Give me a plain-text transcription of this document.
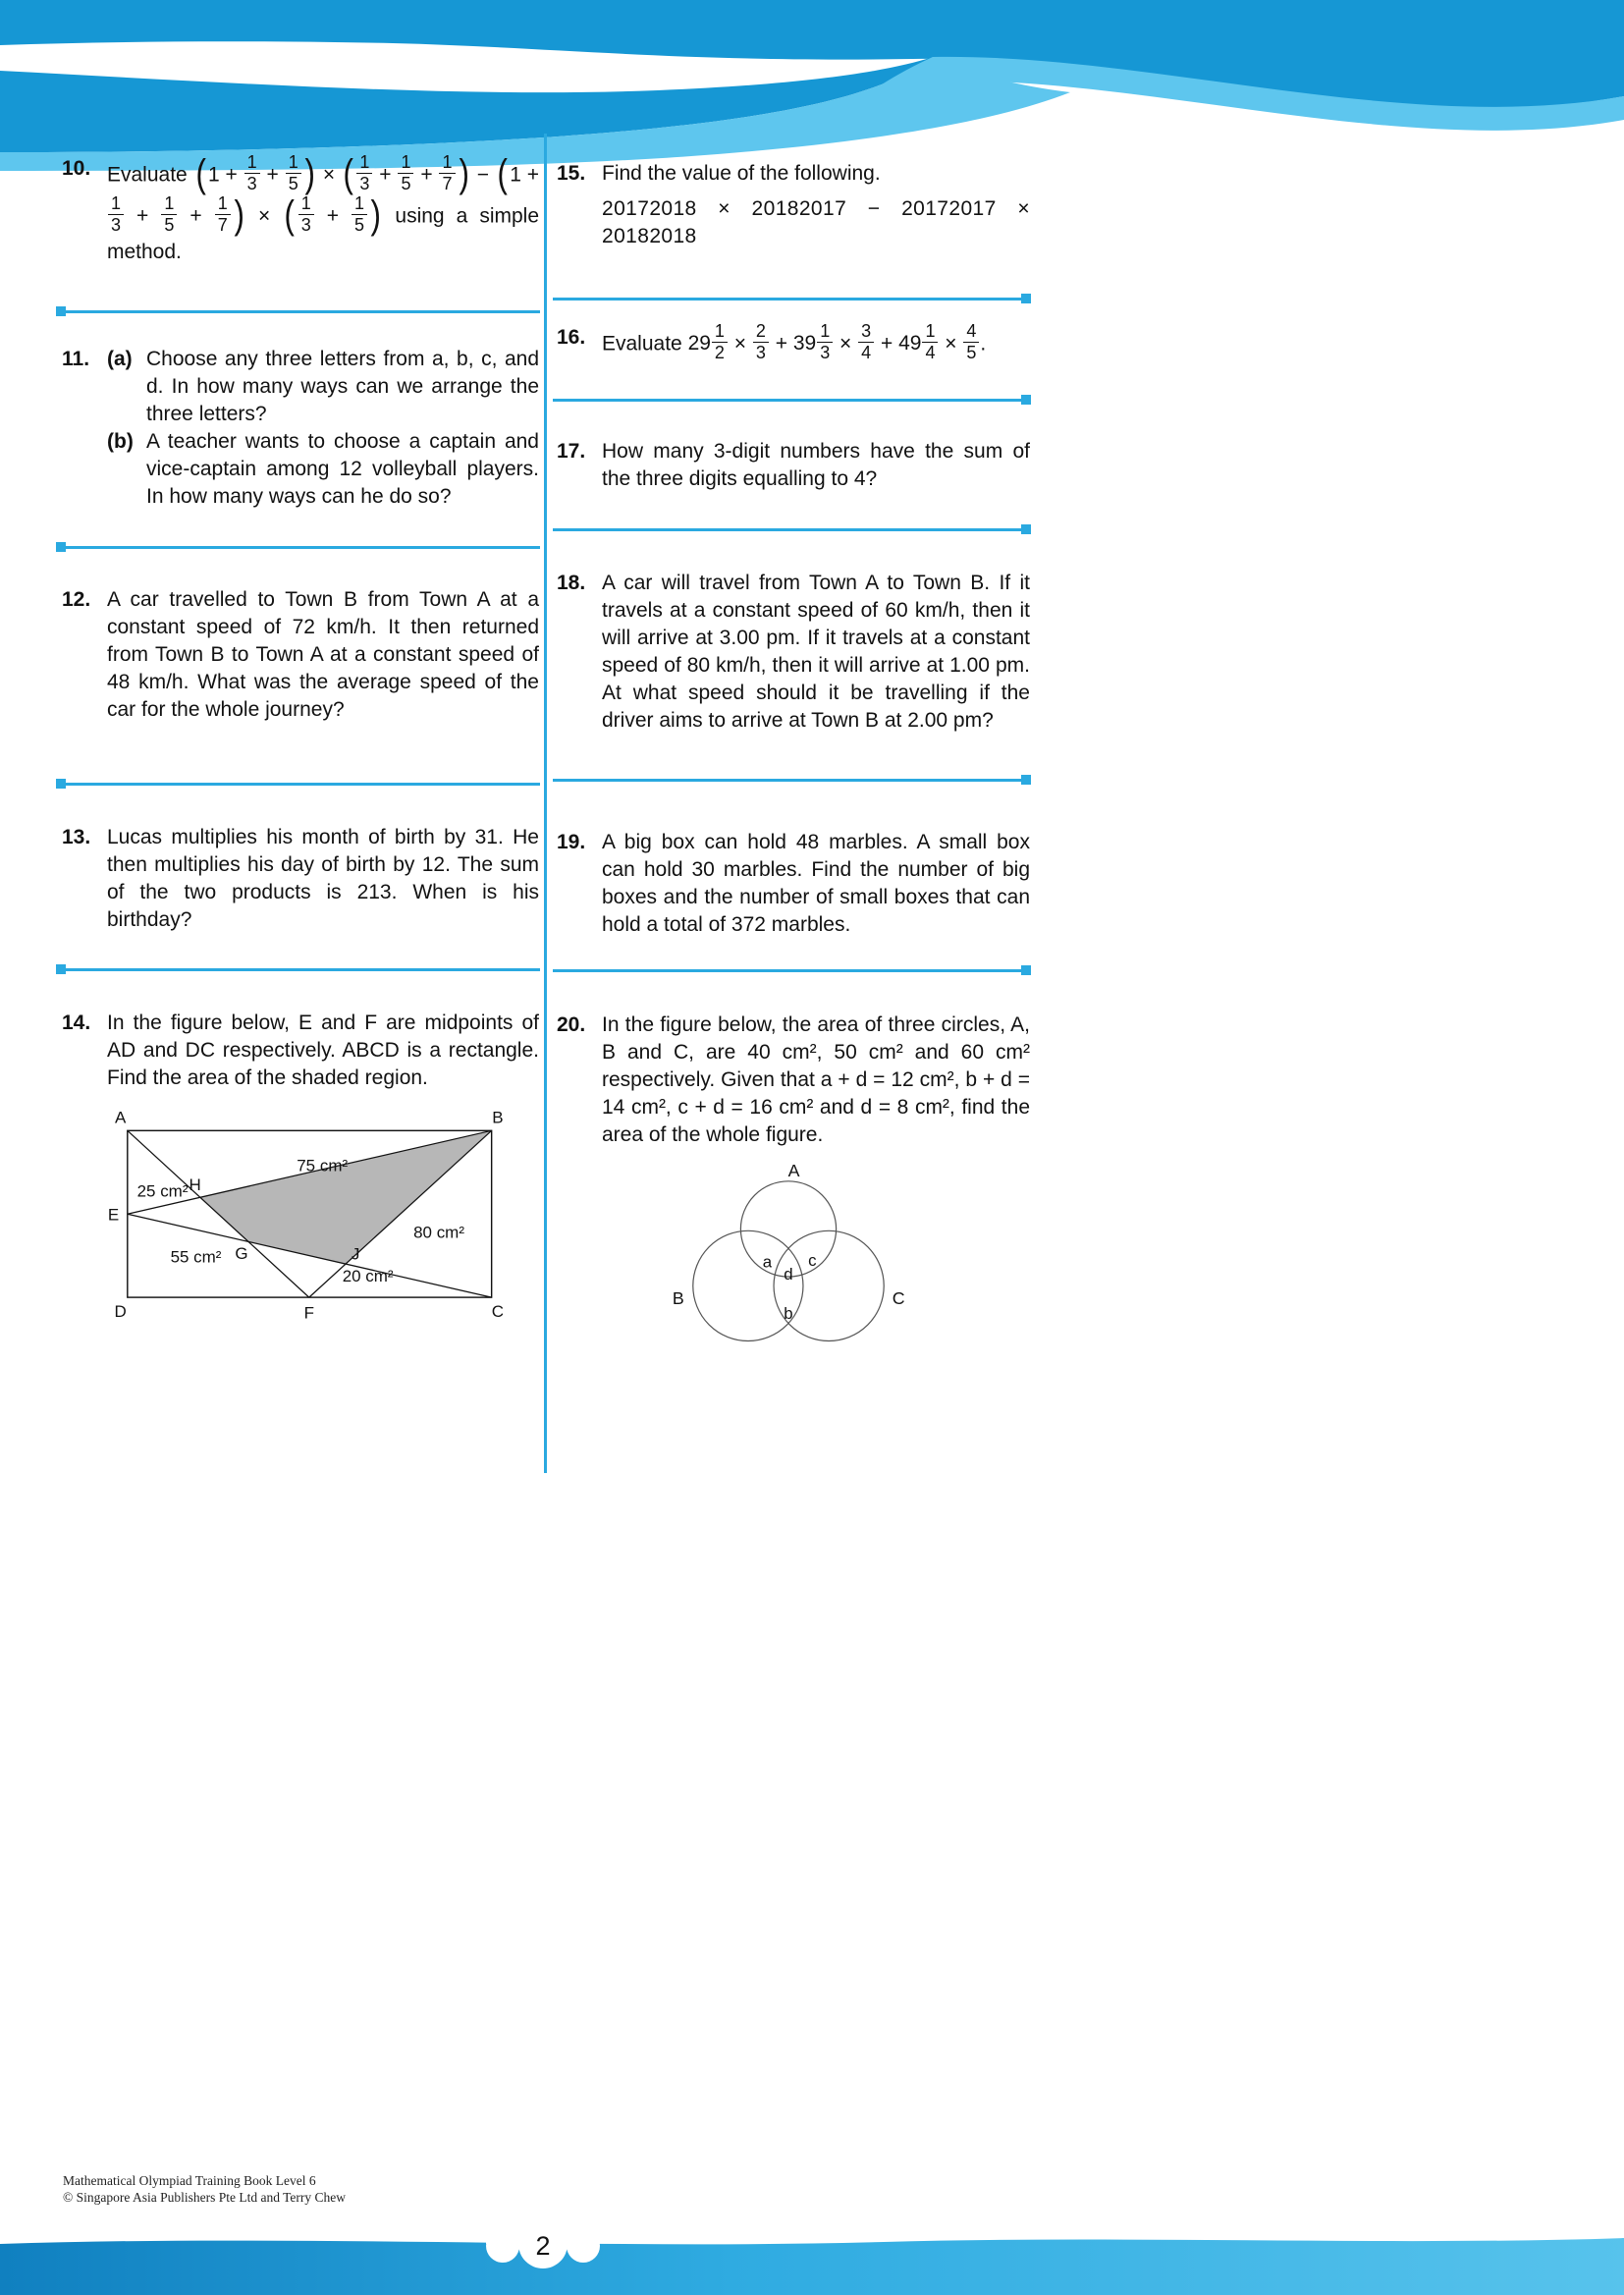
10. Evaluate ( $1 + \frac{1}{3} + \frac{1}{5}$ ) × ( $\frac{1}{3} + \frac{1}{5} + \frac{1}{7}$ ) − ( 1 +
$\frac{1}{3} + \frac{1}{5} + \frac{1}{7}$ ) × ( $\frac{1}{3} + \frac{1}{5}$ ) using a simple method.
11. (a) Choose any three letters from a, b, c, and d. In how many ways can we arrange the three letters?
(b) A teacher wants to choose a captain and vice-captain among 12 volleyball players. In how many ways can he do so?
12. A car travelled to Town B from Town A at a constant speed of 72 km/h. It then returned from Town B to Town A at a constant speed of 48 km/h. What was the average speed of the car for the whole journey?
13. Lucas multiplies his month of birth by 31. He then multiplies his day of birth by 12. The sum of the two products is 213. When is his birthday?
14. In the figure below, E and F are midpoints of AD and DC respectively. ABCD is a rectangle. Find the area of the shaded region.
A	B
C
D
E
F
G
H
J
75 cm²
25 cm²
80 cm²
55 cm²
20 cm²
15. Find the value of the following.
20172018 × 20182017 − 20172017 × 20182018
16. Evaluate $29 \frac{1}{2} \times \frac{2}{3} + 39 \frac{1}{3} \times \frac{3}{4} + 49 \frac{1}{4} \times \frac{4}{5}$ .
17. How many 3-digit numbers have the sum of the three digits equalling to 4?
18. A car will travel from Town A to Town B. If it travels at a constant speed of 60 km/h, then it will arrive at 3.00 pm. If it travels at a constant speed of 80 km/h, then it will arrive at 1.00 pm. At what speed should it be travelling if the driver aims to arrive at Town B at 2.00 pm?
19. A big box can hold 48 marbles. A small box can hold 30 marbles. Find the number of big boxes and the number of small boxes that can hold a total of 372 marbles.
20. In the figure below, the area of three circles, A, B and C, are 40 cm², 50 cm² and 60 cm² respectively. Given that a + d = 12 cm², b + d = 14 cm², c + d = 16 cm² and d = 8 cm², find the area of the whole figure.
A
B	C
a c
d
b
Mathematical Olympiad Training Book Level 6
© Singapore Asia Publishers Pte Ltd and Terry Chew
2
